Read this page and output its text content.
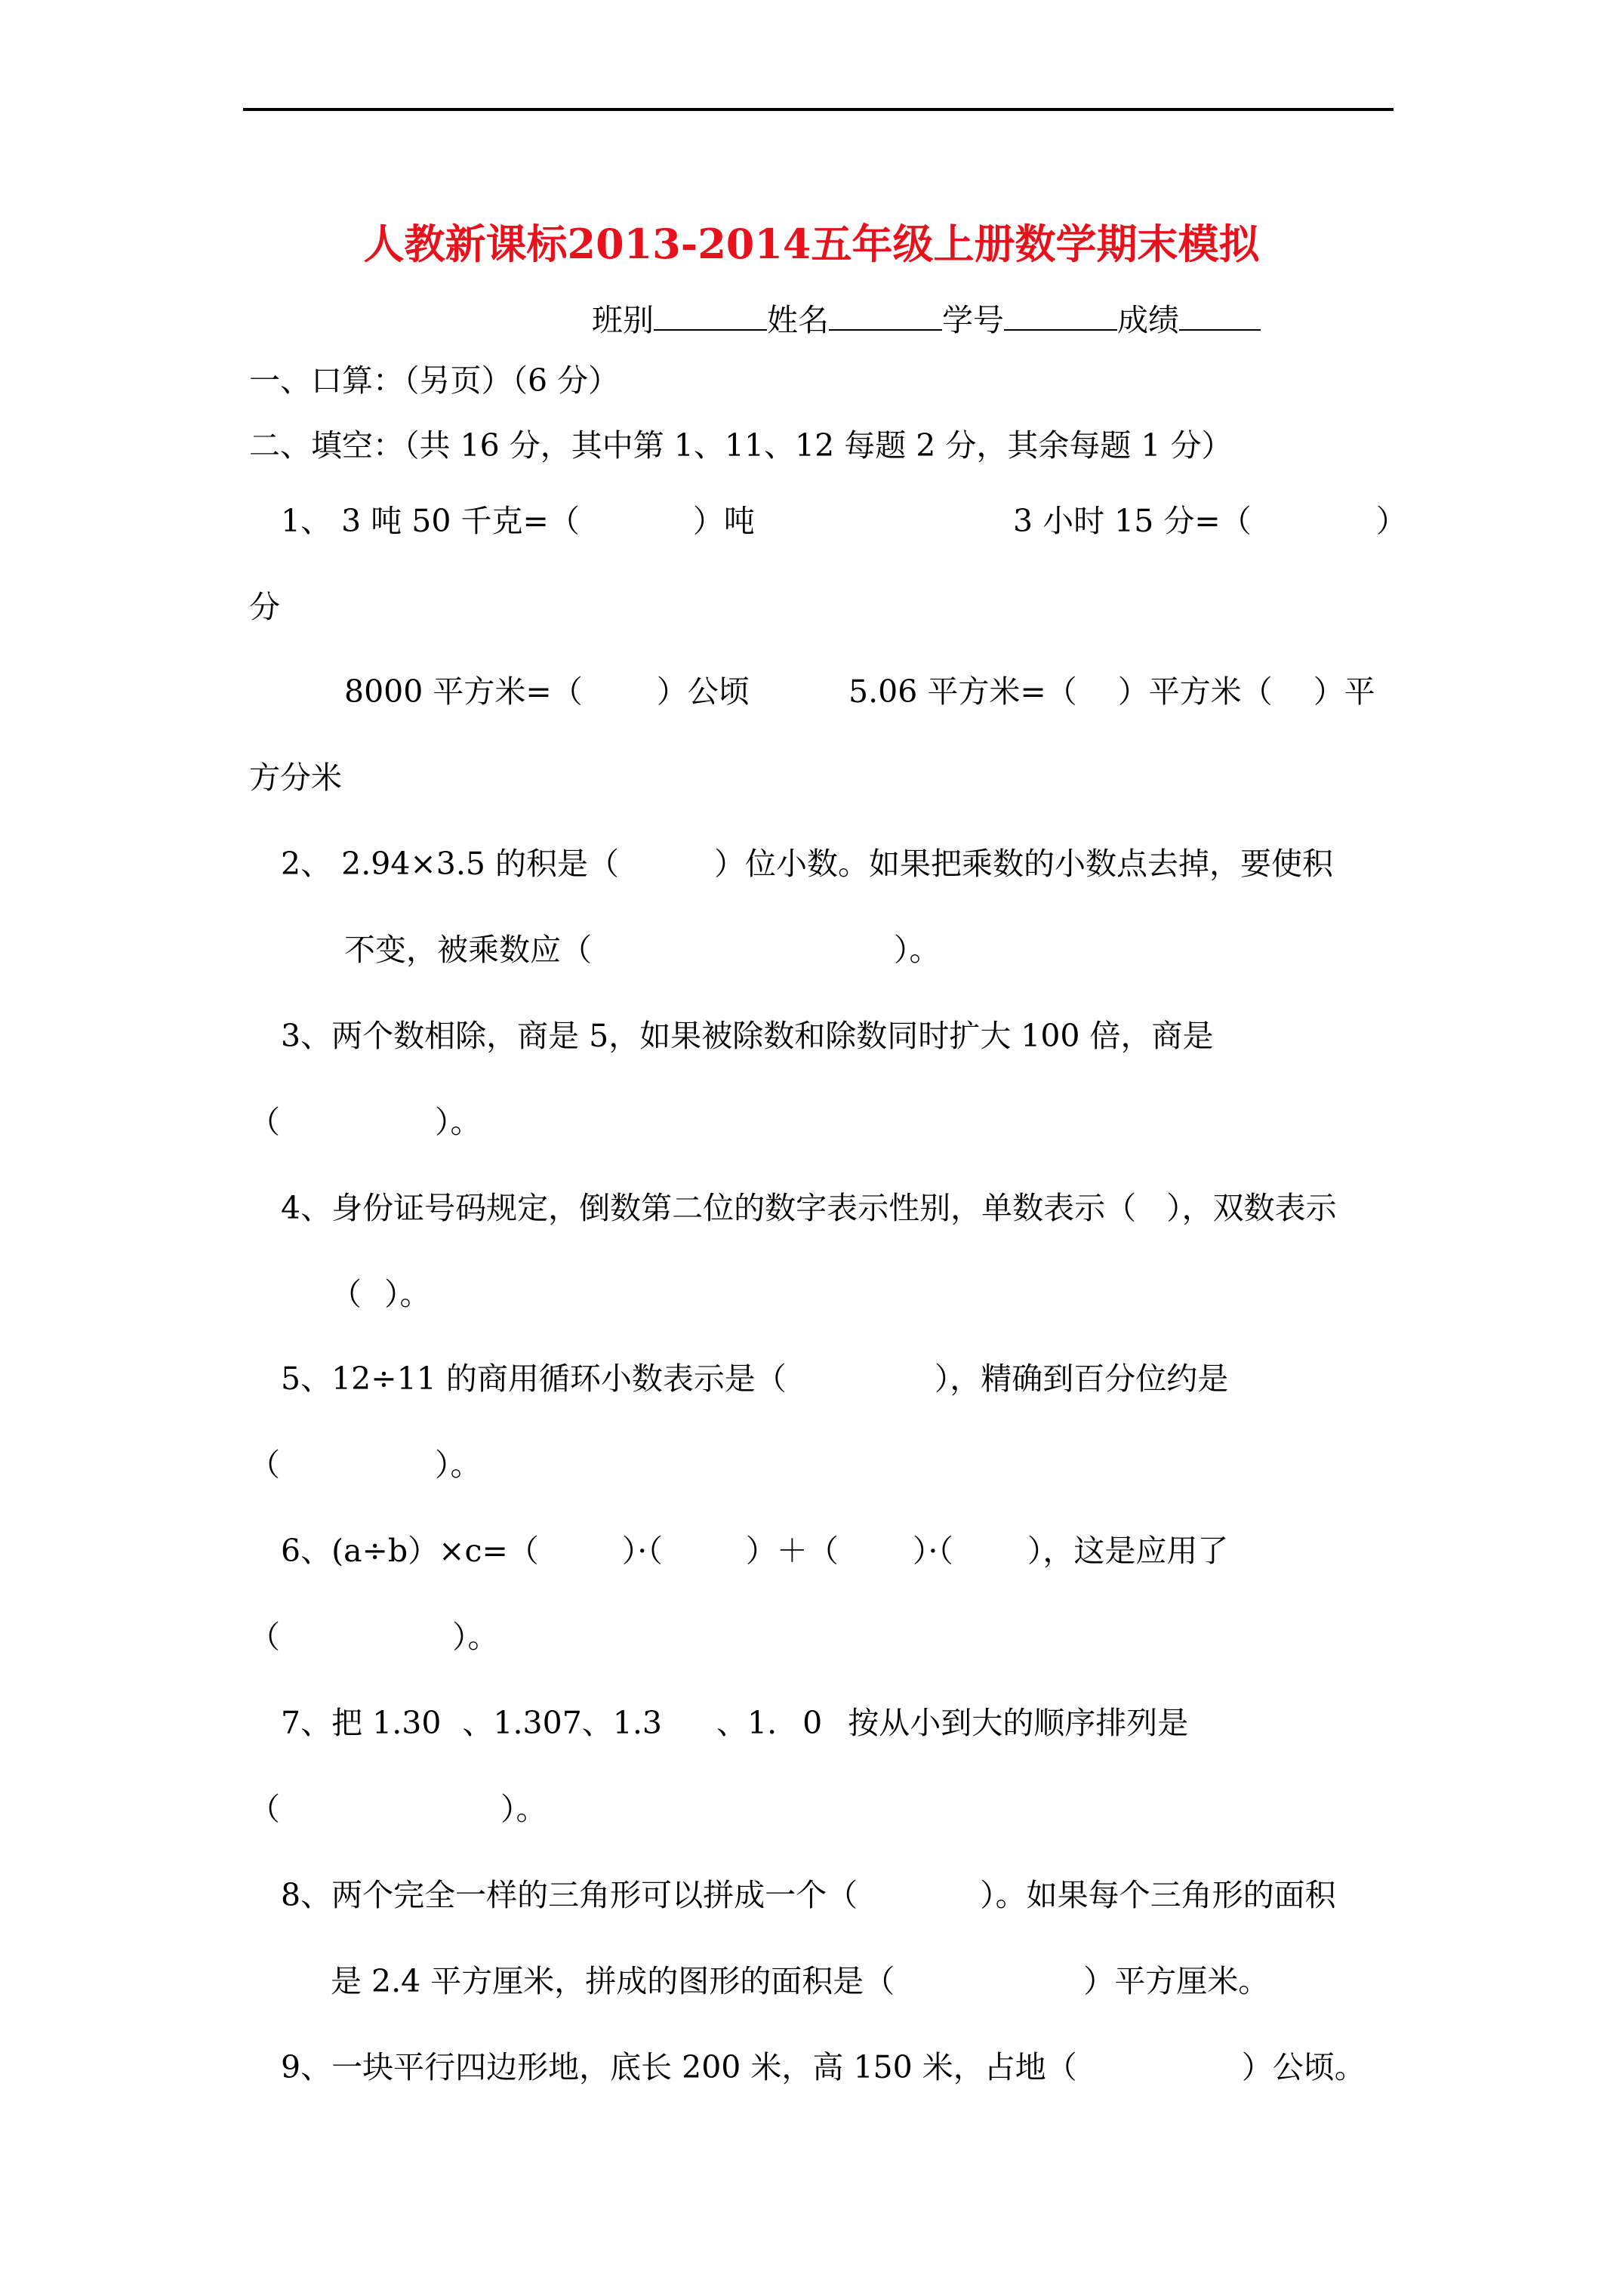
人教新课标2013-2014五年级上册数学期末模拟
班别	姓名	学号	成绩
一、口算：（另页）（6 分）
二、填空：（共 16 分，其中第 1、11、12 每题 2 分，其余每题 1 分）
1、 3 吨 50 千克=（	）吨	3 小时 15 分=（	）
分
8000 平方米=（ ）公顷	5.06 平方米=（ ）平方米（ ）平
方分米
2、 2.94×3.5 的积是（	）位小数。如果把乘数的小数点去掉，要使积
不变，被乘数应（	）。
3、两个数相除，商是 5，如果被除数和除数同时扩大 100 倍，商是
（	）。
4、身份证号码规定，倒数第二位的数字表示性别，单数表示（ ），双数表示
（ ）。
5、12÷11 的商用循环小数表示是（	），精确到百分位约是
（	）。
6、(a÷b）×c=（	）·（	）＋（ ）·（ ），这是应用了
（	）。
7、把 1.30 、1.307、1.3 、1. 0 按从小到大的顺序排列是
（	）。
8、两个完全一样的三角形可以拼成一个（	）。如果每个三角形的面积
是 2.4 平方厘米，拼成的图形的面积是（	）平方厘米。
9、一块平行四边形地，底长 200 米，高 150 米，占地（	）公顷。
